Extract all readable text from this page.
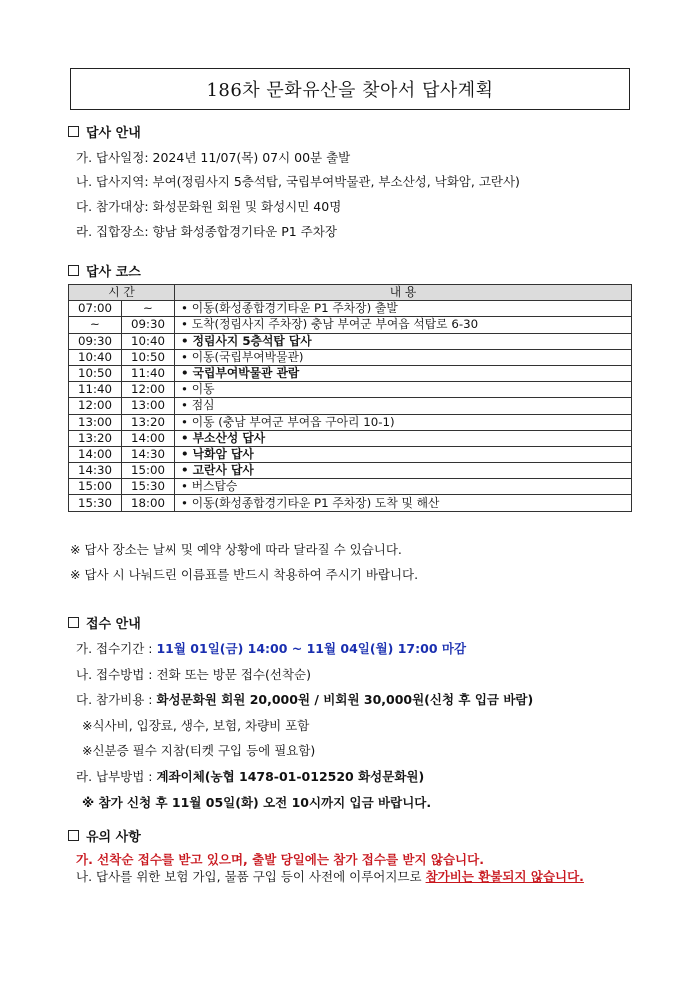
186차 문화유산을 찾아서 답사계획
답사 안내
가. 답사일정: 2024년 11/07(목) 07시 00분 출발
나. 답사지역: 부여(정림사지 5층석탑, 국립부여박물관, 부소산성, 낙화암, 고란사)
다. 참가대상: 화성문화원 회원 및 화성시민 40명
라. 집합장소: 향남 화성종합경기타운 P1 주차장
답사 코스
시 간		내 용
07:00	~	• 이동(화성종합경기타운 P1 주차장) 출발
~	09:30	• 도착(정림사지 주차장) 충남 부여군 부여읍 석탑로 6-30
09:30	10:40	• 정림사지 5층석탑 답사
10:40	10:50	• 이동(국립부여박물관)
10:50	11:40	• 국립부여박물관 관람
11:40	12:00	• 이동
12:00	13:00	• 점심
13:00	13:20	• 이동 (충남 부여군 부여읍 구아리 10-1)
13:20	14:00	• 부소산성 답사
14:00	14:30	• 낙화암 답사
14:30	15:00	• 고란사 답사
15:00	15:30	• 버스탑승
15:30	18:00	• 이동(화성종합경기타운 P1 주차장) 도착 및 해산
※ 답사 장소는 날씨 및 예약 상황에 따라 달라질 수 있습니다.
※ 답사 시 나눠드린 이름표를 반드시 착용하여 주시기 바랍니다.
접수 안내
가. 접수기간 : 11월 01일(금) 14:00 ~ 11월 04일(월) 17:00 마감
나. 접수방법 : 전화 또는 방문 접수(선착순)
다. 참가비용 : 화성문화원 회원 20,000원 / 비회원 30,000원(신청 후 입금 바람)
※식사비, 입장료, 생수, 보험, 차량비 포함
※신분증 필수 지참(티켓 구입 등에 필요함)
라. 납부방법 : 계좌이체(농협 1478-01-012520 화성문화원)
※ 참가 신청 후 11월 05일(화) 오전 10시까지 입금 바랍니다.
유의 사항
가. 선착순 접수를 받고 있으며, 출발 당일에는 참가 접수를 받지 않습니다.
나. 답사를 위한 보험 가입, 물품 구입 등이 사전에 이루어지므로 참가비는 환불되지 않습니다.
